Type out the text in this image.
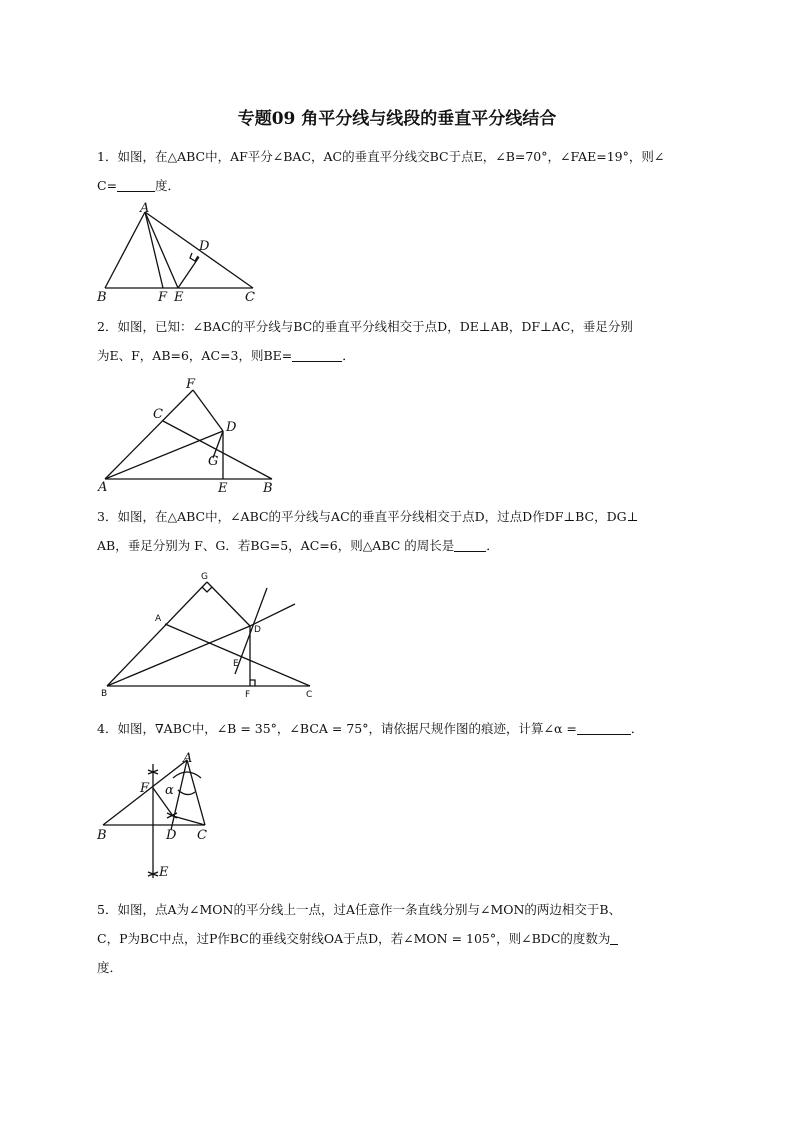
专题09 角平分线与线段的垂直平分线结合
1．如图，在△ABC中，AF平分∠BAC，AC的垂直平分线交BC于点E，∠B=70°，∠FAE=19°，则∠
C=	度．
A
D
B	F E	C
2．如图，已知：∠BAC的平分线与BC的垂直平分线相交于点D，DE⊥AB，DF⊥AC，垂足分别
为E、F，AB=6，AC=3，则BE=	．
F
C
D
G
A	E	B
3．如图，在△ABC中，∠ABC的平分线与AC的垂直平分线相交于点D，过点D作DF⊥BC，DG⊥
AB，垂足分别为 F、G．若BG=5，AC=6，则△ABC 的周长是	．
G
A
D
E
B	F	C
4．如图，∇ABC中，∠B = 35°，∠BCA = 75°，请依据尺规作图的痕迹，计算∠α =	．
A
F α
B	D C
E
5．如图，点A为∠MON的平分线上一点，过A任意作一条直线分别与∠MON的两边相交于B、
C，P为BC中点，过P作BC的垂线交射线OA于点D，若∠MON = 105°，则∠BDC的度数为
度．
